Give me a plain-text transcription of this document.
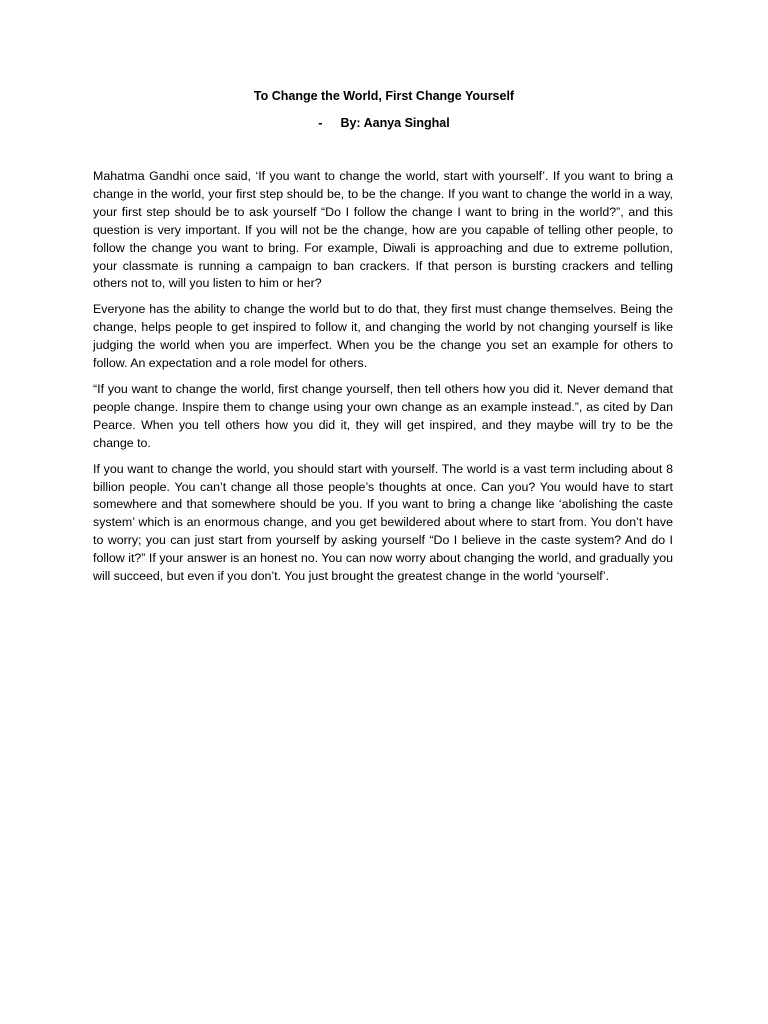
To Change the World, First Change Yourself
- By: Aanya Singhal

Mahatma Gandhi once said, ‘If you want to change the world, start with yourself’. If you want to bring a change in the world, your first step should be, to be the change. If you want to change the world in a way, your first step should be to ask yourself “Do I follow the change I want to bring in the world?”, and this question is very important. If you will not be the change, how are you capable of telling other people, to follow the change you want to bring. For example, Diwali is approaching and due to extreme pollution, your classmate is running a campaign to ban crackers. If that person is bursting crackers and telling others not to, will you listen to him or her?

Everyone has the ability to change the world but to do that, they first must change themselves. Being the change, helps people to get inspired to follow it, and changing the world by not changing yourself is like judging the world when you are imperfect. When you be the change you set an example for others to follow. An expectation and a role model for others.

“If you want to change the world, first change yourself, then tell others how you did it. Never demand that people change. Inspire them to change using your own change as an example instead.”, as cited by Dan Pearce. When you tell others how you did it, they will get inspired, and they maybe will try to be the change to.

If you want to change the world, you should start with yourself. The world is a vast term including about 8 billion people. You can’t change all those people’s thoughts at once. Can you? You would have to start somewhere and that somewhere should be you. If you want to bring a change like ‘abolishing the caste system’ which is an enormous change, and you get bewildered about where to start from. You don’t have to worry; you can just start from yourself by asking yourself “Do I believe in the caste system? And do I follow it?” If your answer is an honest no. You can now worry about changing the world, and gradually you will succeed, but even if you don’t. You just brought the greatest change in the world ‘yourself’.
